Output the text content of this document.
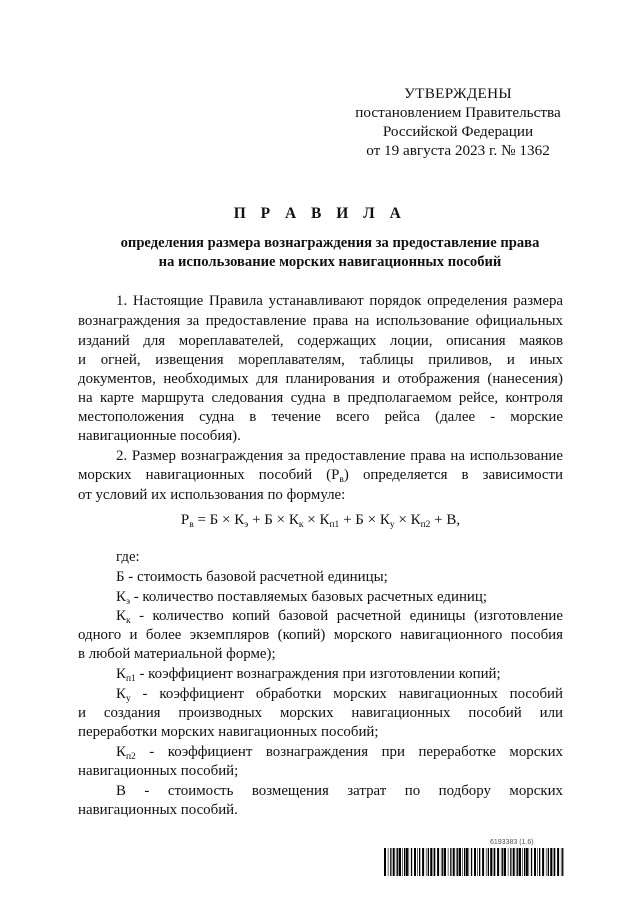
УТВЕРЖДЕНЫ
постановлением Правительства
Российской Федерации
от 19 августа 2023 г. № 1362
П Р А В И Л А
определения размера вознаграждения за предоставление права
на использование морских навигационных пособий
1. Настоящие Правила устанавливают порядок определения размера
вознаграждения за предоставление права на использование официальных
изданий для мореплавателей, содержащих лоции, описания маяков
и огней, извещения мореплавателям, таблицы приливов, и иных
документов, необходимых для планирования и отображения (нанесения)
на карте маршрута следования судна в предполагаемом рейсе, контроля
местоположения судна в течение всего рейса (далее - морские
навигационные пособия).
2. Размер вознаграждения за предоставление права на использование
морских навигационных пособий $(Р_в)$ определяется в зависимости
от условий их использования по формуле:
$Р_в = Б \times К_э + Б \times К_к \times К_{п1} + Б \times К_у \times К_{п2} + В$,
где:
Б - стоимость базовой расчетной единицы;
$К_э$ - количество поставляемых базовых расчетных единиц;
$К_к$ - количество копий базовой расчетной единицы (изготовление
одного и более экземпляров (копий) морского навигационного пособия
в любой материальной форме);
$К_{п1}$ - коэффициент вознаграждения при изготовлении копий;
$К_у$ - коэффициент обработки морских навигационных пособий
и создания производных морских навигационных пособий или
переработки морских навигационных пособий;
$К_{п2}$ - коэффициент вознаграждения при переработке морских
навигационных пособий;
В - стоимость возмещения затрат по подбору морских
навигационных пособий.
6193383 (1.6)
